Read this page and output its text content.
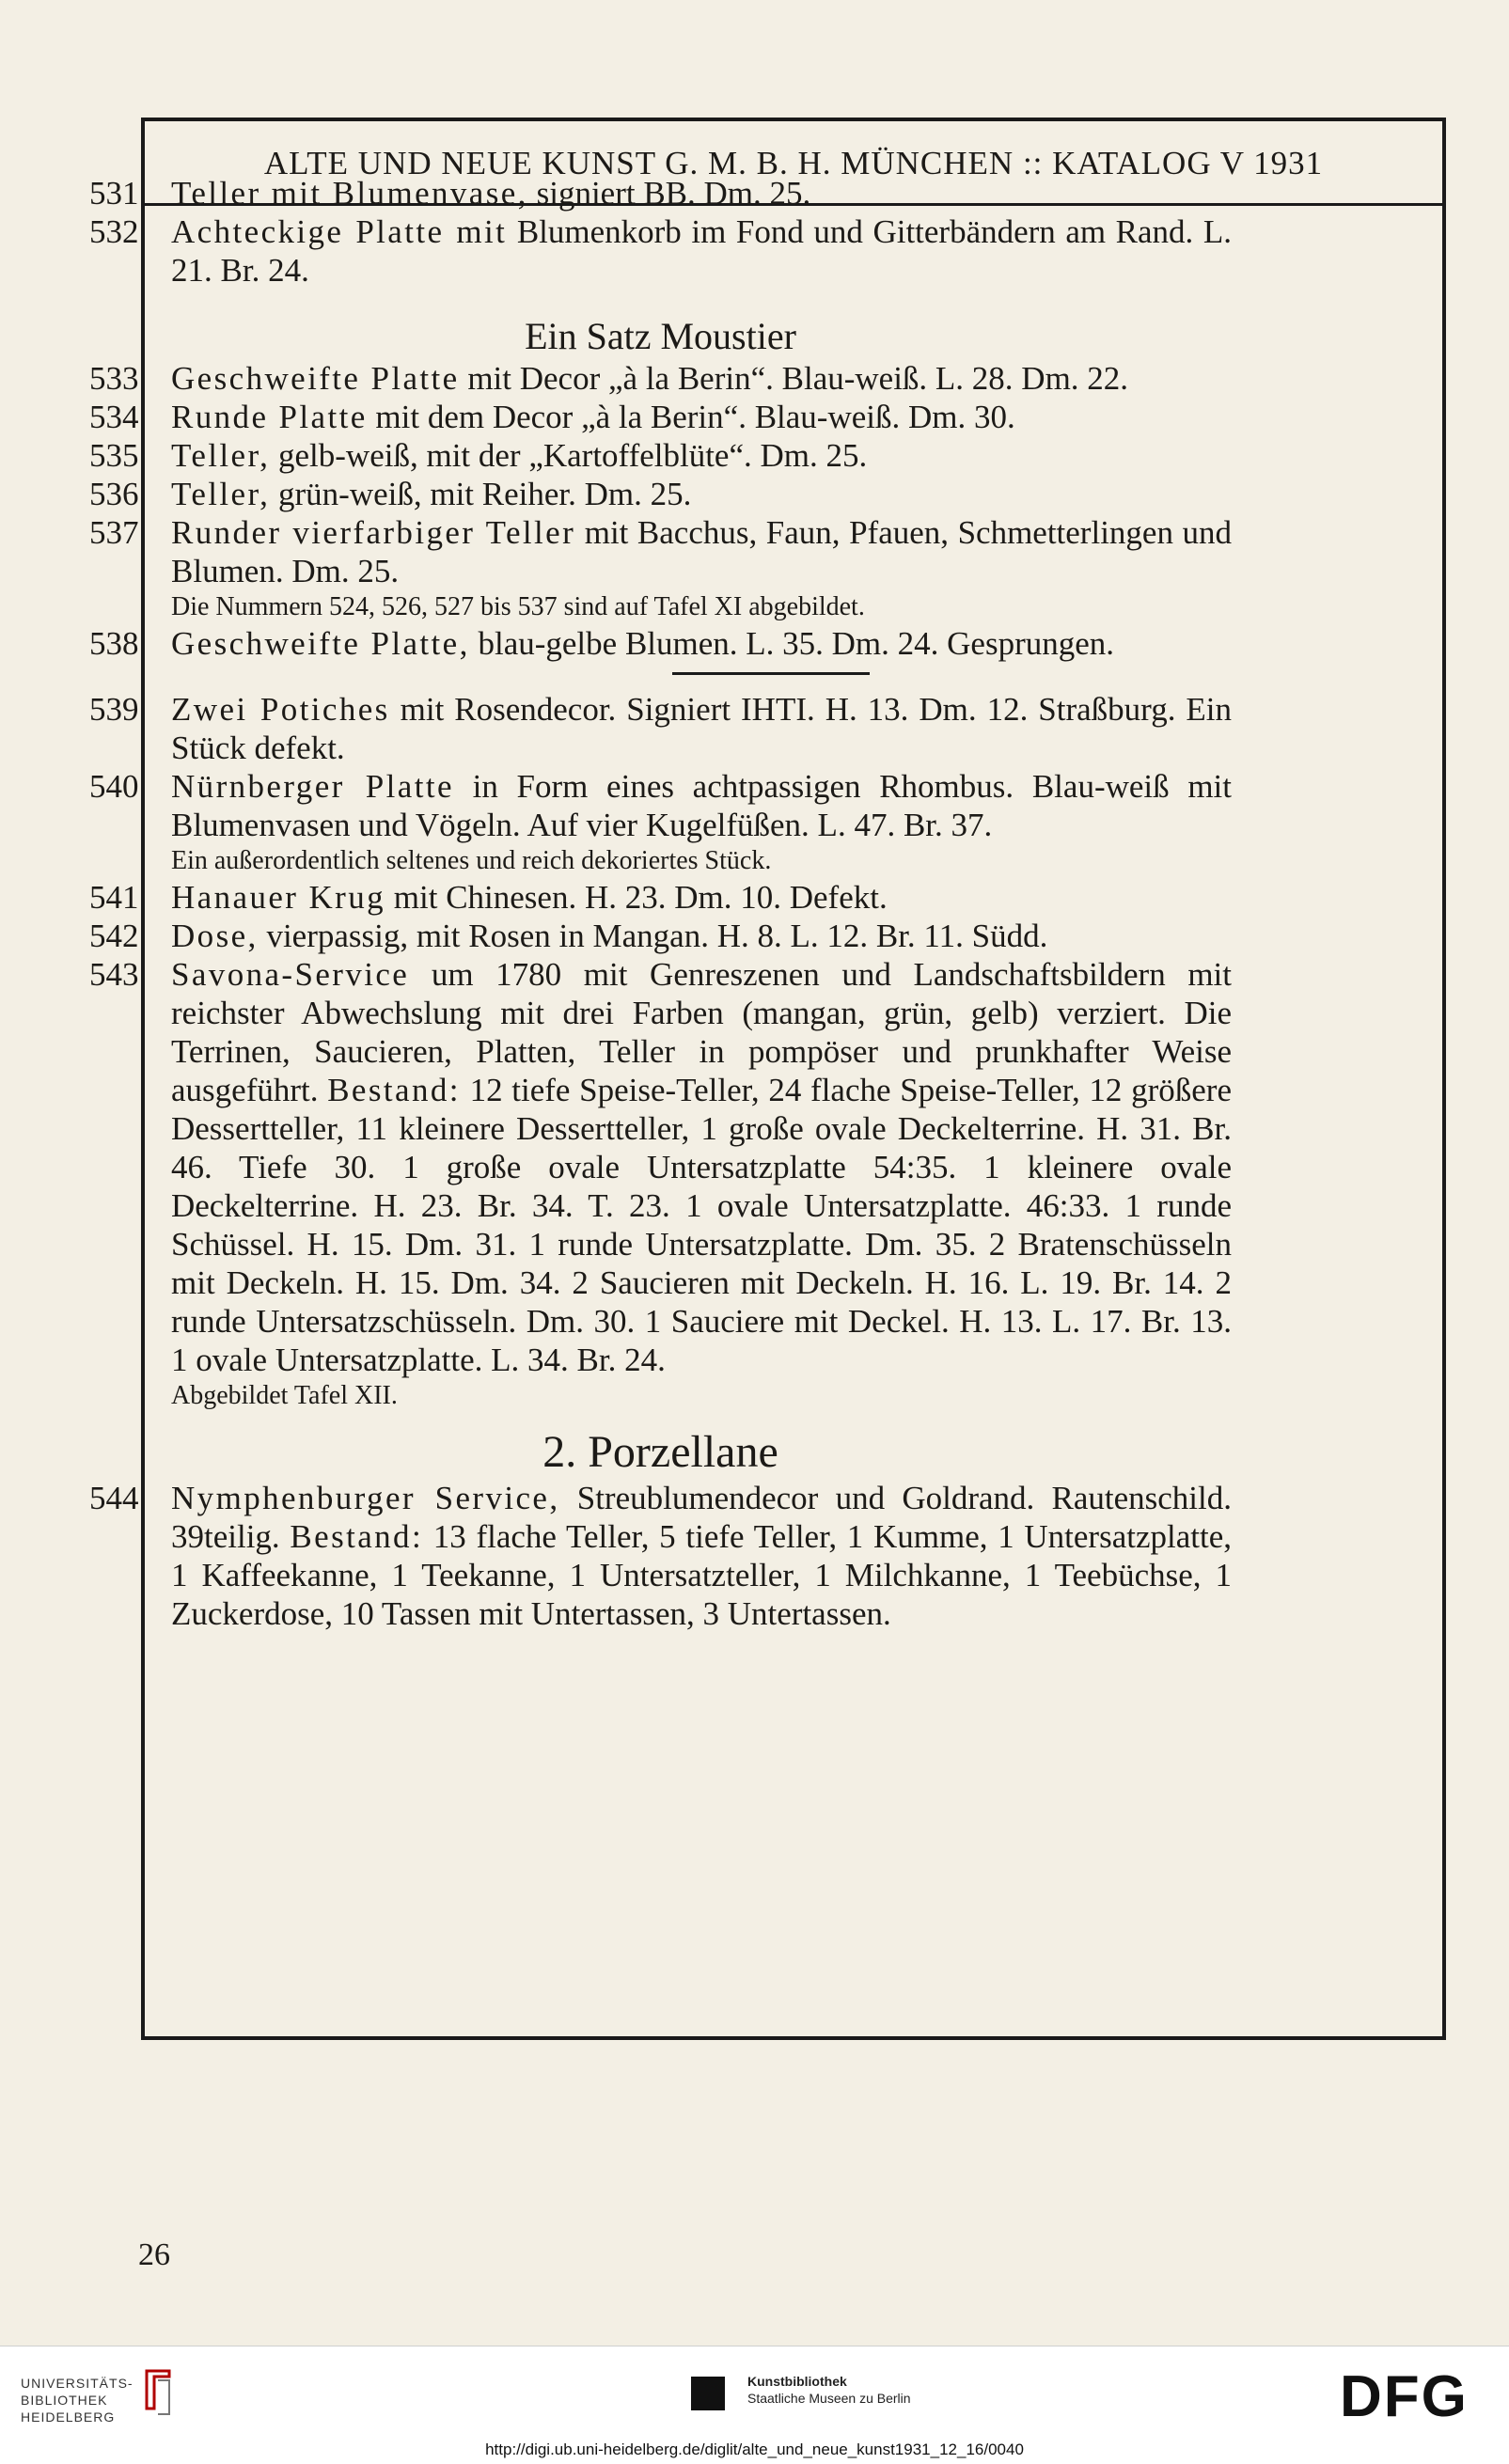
ALTE UND NEUE KUNST G. M. B. H. MÜNCHEN :: KATALOG V 1931
531 Teller mit Blumenvase, signiert BB. Dm. 25.
532 Achteckige Platte mit Blumenkorb im Fond und Gitterbändern am Rand. L. 21. Br. 24.
Ein Satz Moustier
533 Geschweifte Platte mit Decor „à la Berin“. Blau-weiß. L. 28. Dm. 22.
534 Runde Platte mit dem Decor „à la Berin“. Blau-weiß. Dm. 30.
535 Teller, gelb-weiß, mit der „Kartoffelblüte“. Dm. 25.
536 Teller, grün-weiß, mit Reiher. Dm. 25.
537 Runder vierfarbiger Teller mit Bacchus, Faun, Pfauen, Schmetterlingen und Blumen. Dm. 25.
Die Nummern 524, 526, 527 bis 537 sind auf Tafel XI abgebildet.
538 Geschweifte Platte, blau-gelbe Blumen. L. 35. Dm. 24. Gesprungen.
539 Zwei Potiches mit Rosendecor. Signiert IHTI. H. 13. Dm. 12. Straßburg. Ein Stück defekt.
540 Nürnberger Platte in Form eines achtpassigen Rhombus. Blau-weiß mit Blumenvasen und Vögeln. Auf vier Kugelfüßen. L. 47. Br. 37.
Ein außerordentlich seltenes und reich dekoriertes Stück.
541 Hanauer Krug mit Chinesen. H. 23. Dm. 10. Defekt.
542 Dose, vierpassig, mit Rosen in Mangan. H. 8. L. 12. Br. 11. Südd.
543 Savona-Service um 1780 mit Genreszenen und Landschaftsbildern mit reichster Abwechslung mit drei Farben (mangan, grün, gelb) verziert. Die Terrinen, Saucieren, Platten, Teller in pompöser und prunkhafter Weise ausgeführt. Bestand: 12 tiefe Speise-Teller, 24 flache Speise-Teller, 12 größere Dessertteller, 11 kleinere Dessertteller, 1 große ovale Deckelterrine. H. 31. Br. 46. Tiefe 30. 1 große ovale Untersatzplatte 54:35. 1 kleinere ovale Deckelterrine. H. 23. Br. 34. T. 23. 1 ovale Untersatzplatte. 46:33. 1 runde Schüssel. H. 15. Dm. 31. 1 runde Untersatzplatte. Dm. 35. 2 Bratenschüsseln mit Deckeln. H. 15. Dm. 34. 2 Saucieren mit Deckeln. H. 16. L. 19. Br. 14. 2 runde Untersatzschüsseln. Dm. 30. 1 Sauciere mit Deckel. H. 13. L. 17. Br. 13. 1 ovale Untersatzplatte. L. 34. Br. 24.
Abgebildet Tafel XII.
2. Porzellane
544 Nymphenburger Service, Streublumendecor und Goldrand. Rautenschild. 39teilig. Bestand: 13 flache Teller, 5 tiefe Teller, 1 Kumme, 1 Untersatzplatte, 1 Kaffeekanne, 1 Teekanne, 1 Untersatzteller, 1 Milchkanne, 1 Teebüchse, 1 Zuckerdose, 10 Tassen mit Untertassen, 3 Untertassen.
26
UNIVERSITÄTS-
BIBLIOTHEK
HEIDELBERG
Kunstbibliothek
Staatliche Museen zu Berlin	DFG
http://digi.ub.uni-heidelberg.de/diglit/alte_und_neue_kunst1931_12_16/0040
